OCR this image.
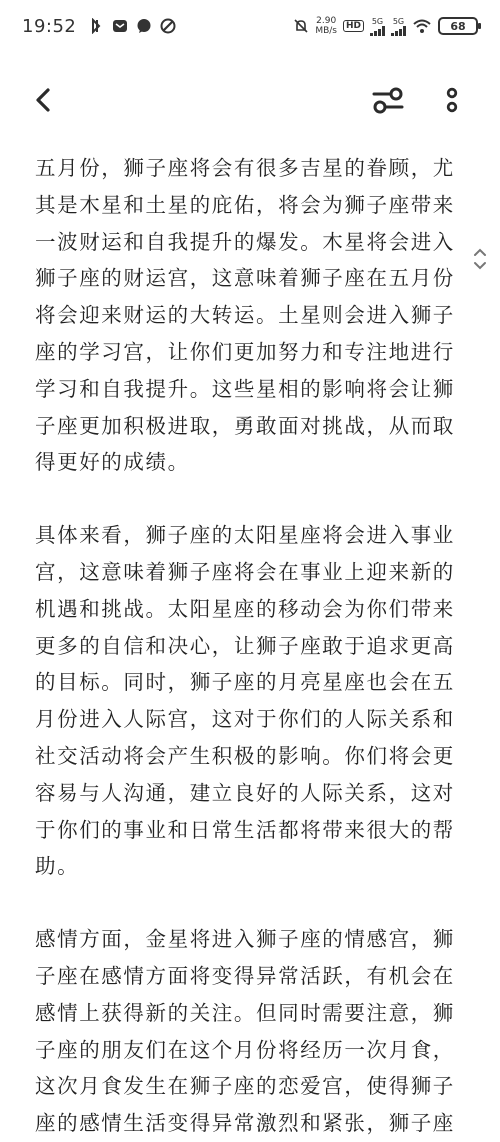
19:52	2.90
MB/s	HD	5G 5G	68

五月份，狮子座将会有很多吉星的眷顾，尤其是木星和土星的庇佑，将会为狮子座带来一波财运和自我提升的爆发。木星将会进入狮子座的财运宫，这意味着狮子座在五月份将会迎来财运的大转运。土星则会进入狮子座的学习宫，让你们更加努力和专注地进行学习和自我提升。这些星相的影响将会让狮子座更加积极进取，勇敢面对挑战，从而取得更好的成绩。

具体来看，狮子座的太阳星座将会进入事业宫，这意味着狮子座将会在事业上迎来新的机遇和挑战。太阳星座的移动会为你们带来更多的自信和决心，让狮子座敢于追求更高的目标。同时，狮子座的月亮星座也会在五月份进入人际宫，这对于你们的人际关系和社交活动将会产生积极的影响。你们将会更容易与人沟通，建立良好的人际关系，这对于你们的事业和日常生活都将带来很大的帮助。

感情方面，金星将进入狮子座的情感宫，狮子座在感情方面将变得异常活跃，有机会在感情上获得新的关注。但同时需要注意，狮子座的朋友们在这个月份将经历一次月食，这次月食发生在狮子座的恋爱宫，使得狮子座的感情生活变得异常激烈和紧张，狮子座
